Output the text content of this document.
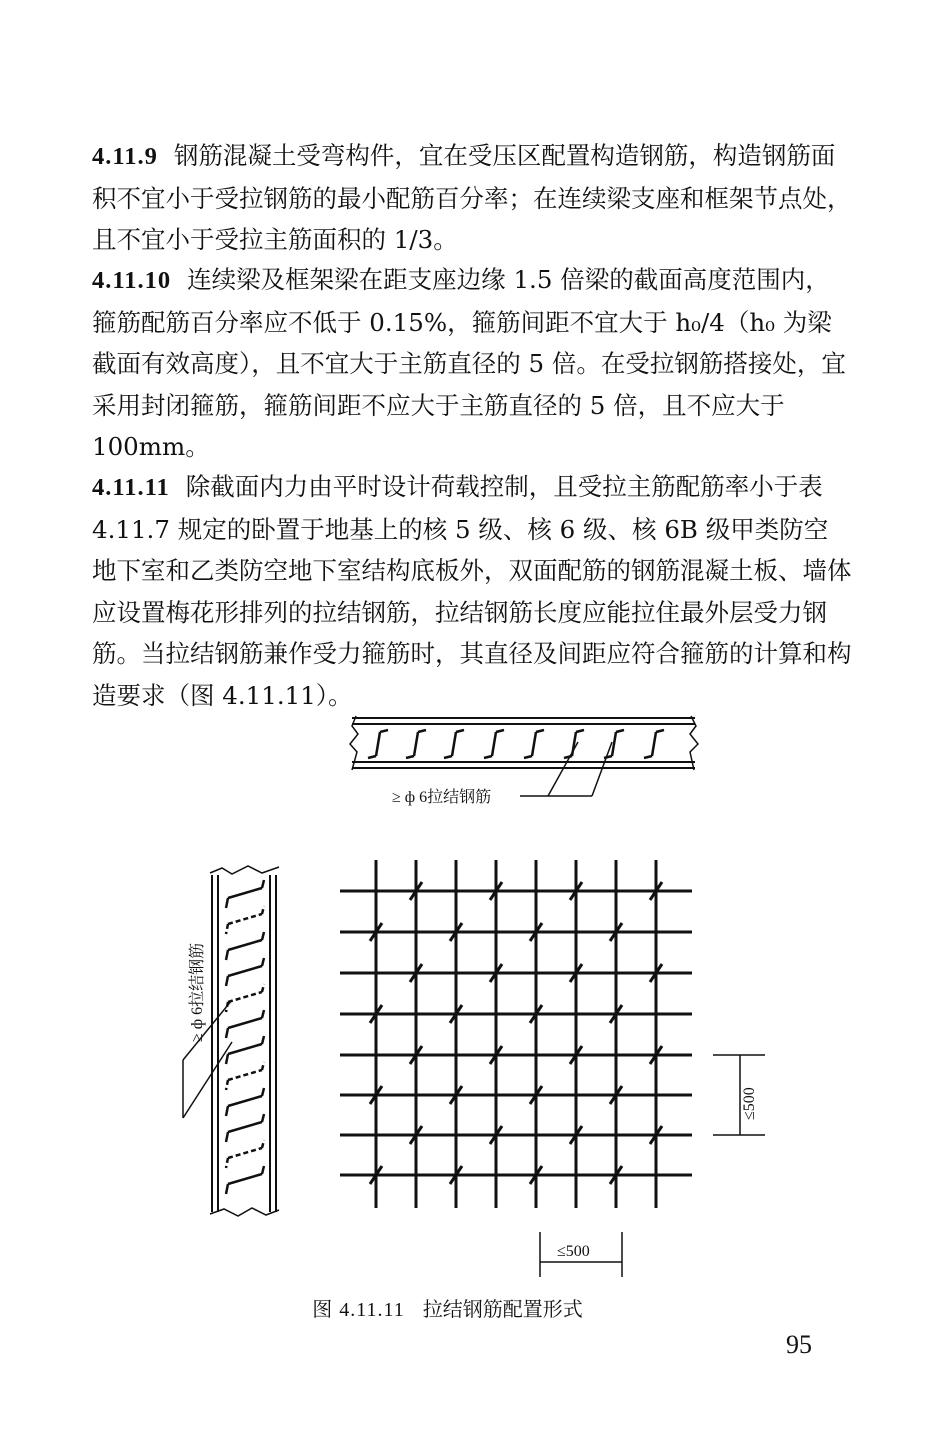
4.11.9 钢筋混凝土受弯构件，宜在受压区配置构造钢筋，构造钢筋面积不宜小于受拉钢筋的最小配筋百分率；在连续梁支座和框架节点处，且不宜小于受拉主筋面积的 1/3。

4.11.10 连续梁及框架梁在距支座边缘 1.5 倍梁的截面高度范围内，箍筋配筋百分率应不低于 0.15%，箍筋间距不宜大于 h₀/4（h₀ 为梁截面有效高度），且不宜大于主筋直径的 5 倍。在受拉钢筋搭接处，宜采用封闭箍筋，箍筋间距不应大于主筋直径的 5 倍，且不应大于 100mm。

4.11.11 除截面内力由平时设计荷载控制，且受拉主筋配筋率小于表 4.11.7 规定的卧置于地基上的核 5 级、核 6 级、核 6B 级甲类防空地下室和乙类防空地下室结构底板外，双面配筋的钢筋混凝土板、墙体应设置梅花形排列的拉结钢筋，拉结钢筋长度应能拉住最外层受力钢筋。当拉结钢筋兼作受力箍筋时，其直径及间距应符合箍筋的计算和构造要求（图 4.11.11）。

≥ ф 6拉结钢筋
≥ ф 6拉结钢筋
≤500
≤500
图 4.11.11 拉结钢筋配置形式
95
